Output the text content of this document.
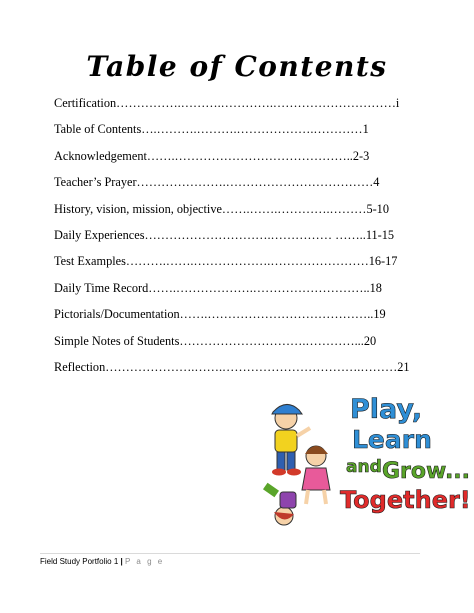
Table of Contents
Certification…………….……….………….………………………… i
Table of Contents….……….……….……………….………… 1
Acknowledgement…….…………………………………….. 2-3
Teacher’s Prayer………………….……………………………… 4
History, vision, mission, objective…….…….………….……… 5-10
Daily Experiences………………………….…………… …….. 11-15
Test Examples……….…….……………….…………………… 16-17
Daily Time Record…….……………….……………………….. 18
Pictorials/Documentation…….………………………………….. 19
Simple Notes of Students………………………….…………... 20
Reflection………………….…….…………………………….……… 21
Play,
Learn
and Grow...
Together!
Field Study Portfolio 1 | P a g e
